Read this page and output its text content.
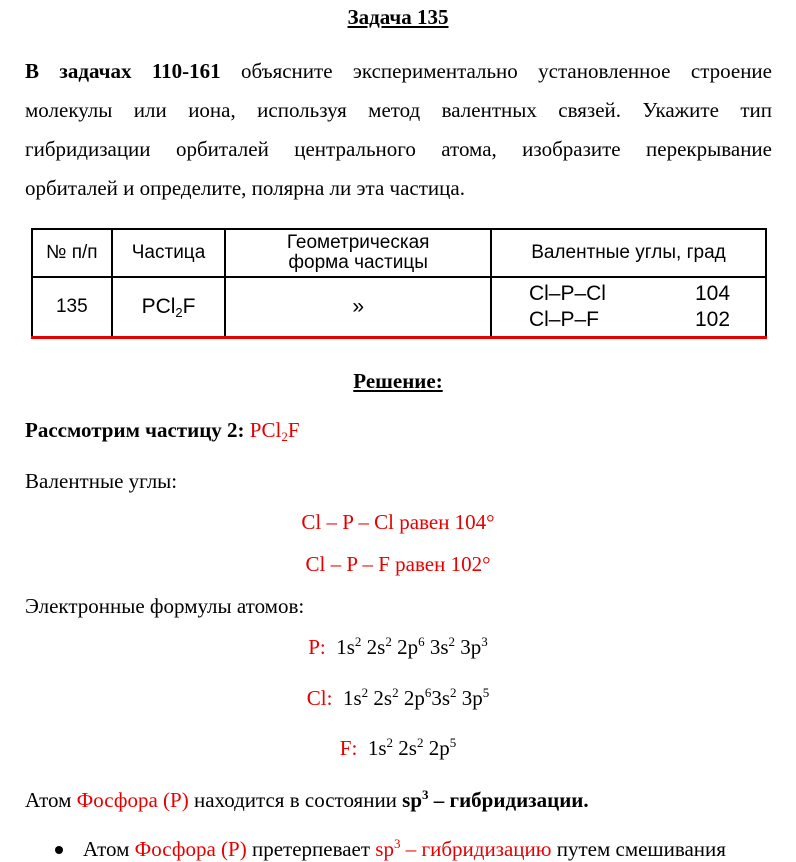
Задача 135
В задачах 110-161 объясните экспериментально установленное строение
молекулы или иона, используя метод валентных связей. Укажите тип
гибридизации орбиталей центрального атома, изобразите перекрывание
орбиталей и определите, полярна ли эта частица.
№ п/п	Частица	Геометрическая форма частицы	Валентные углы, град
135	PCl$_2$F	»	Cl–P–Cl 104
Cl–P–F 102
Решение:
Рассмотрим частицу 2: PCl$_2$F
Валентные углы:
Cl – P – Cl равен 104°
Cl – P – F равен 102°
Электронные формулы атомов:
P: $1s^2$ $2s^2$ $2p^6$ $3s^2$ $3p^3$
Cl: $1s^2$ $2s^2$ $2p^63s^2$ $3p^5$
F: $1s^2$ $2s^2$ $2p^5$
Атом Фосфора (P) находится в состоянии $sp^3$ – гибридизации.
Атом Фосфора (P) претерпевает $sp^3$ – гибридизацию путем смешивания
